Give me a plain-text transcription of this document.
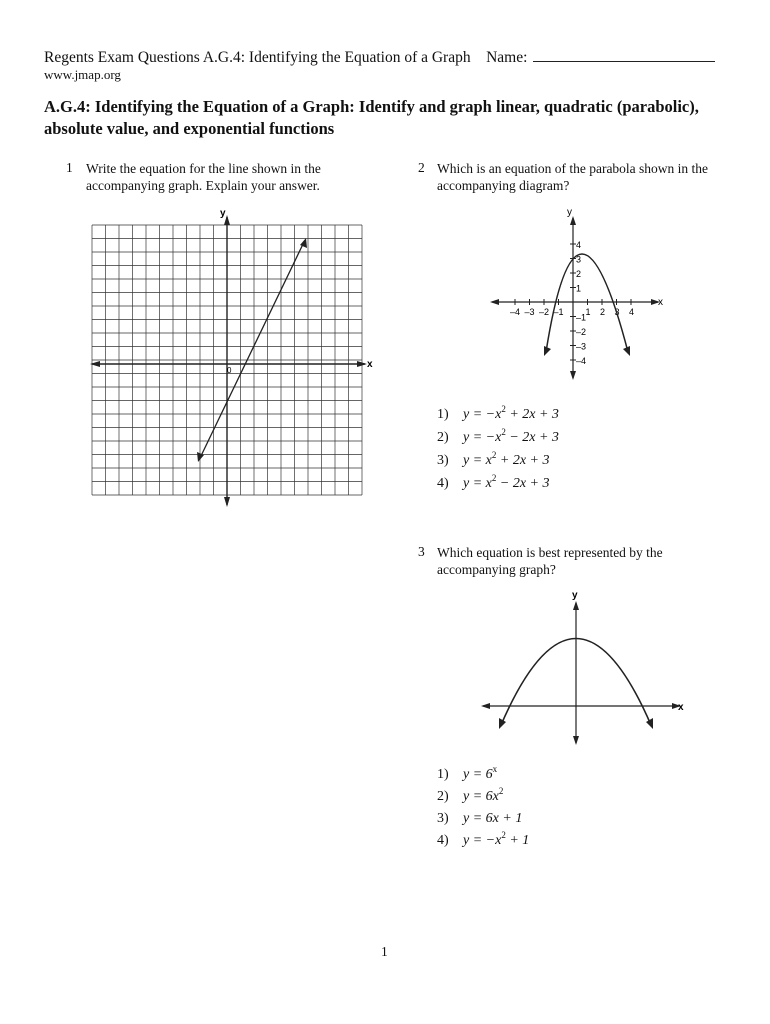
Regents Exam Questions A.G.4: Identifying the Equation of a Graph Name:
www.jmap.org
A.G.4: Identifying the Equation of a Graph: Identify and graph linear, quadratic (parabolic), absolute value, and exponential functions
1 Write the equation for the line shown in the accompanying graph. Explain your answer.
y
x
0
2 Which is an equation of the parabola shown in the accompanying diagram?
y
x
–4 –3 –2 –1 1 2 3 4
4
3
2
1
–1
–2
–3
–4
1) $y = -x^2 + 2x + 3$
2) $y = -x^2 - 2x + 3$
3) $y = x^2 + 2x + 3$
4) $y = x^2 - 2x + 3$
3 Which equation is best represented by the accompanying graph?
y
x
1) $y = 6^x$
2) $y = 6x^2$
3) y = 6x + 1
4) $y = -x^2 + 1$
1
